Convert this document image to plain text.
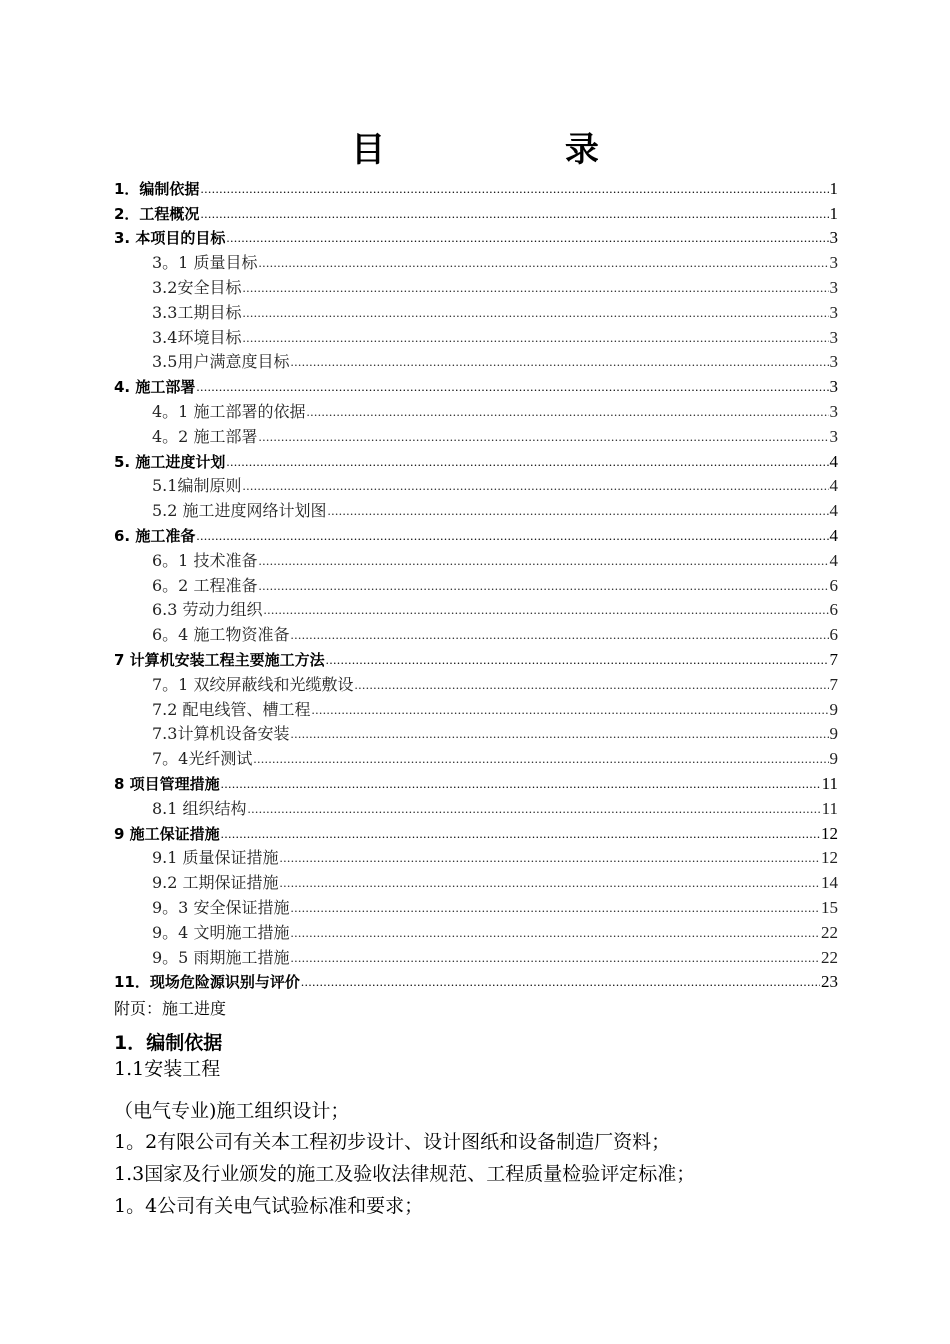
目 录
1．编制依据 .....	1
2．工程概况 .....	1
3. 本项目的目标 .....	3
3。1 质量目标 .....	3
3.2安全目标 .....	3
3.3工期目标 .....	3
3.4环境目标 .....	3
3.5用户满意度目标 .....	3
4. 施工部署 .....	3
4。1 施工部署的依据 .....	3
4。2 施工部署 .....	3
5. 施工进度计划 .....	4
5.1编制原则 .....	4
5.2 施工进度网络计划图 .....	4
6. 施工准备 .....	4
6。1 技术准备 .....	4
6。2 工程准备 .....	6
6.3 劳动力组织 .....	6
6。4 施工物资准备 .....	6
7 计算机安装工程主要施工方法 .....	7
7。1 双绞屏蔽线和光缆敷设 .....	7
7.2 配电线管、槽工程 .....	9
7.3计算机设备安装 .....	9
7。4光纤测试 .....	9
8 项目管理措施 .....	11
8.1 组织结构 .....	11
9 施工保证措施 .....	12
9.1 质量保证措施 .....	12
9.2 工期保证措施 .....	14
9。3 安全保证措施 .....	15
9。4 文明施工措施 .....	22
9。5 雨期施工措施 .....	22
11．现场危险源识别与评价 .....	23
附页：施工进度
1．编制依据
1.1安装工程
（电气专业)施工组织设计；
1。2有限公司有关本工程初步设计、设计图纸和设备制造厂资料；
1.3国家及行业颁发的施工及验收法律规范、工程质量检验评定标准；
1。4公司有关电气试验标准和要求；
